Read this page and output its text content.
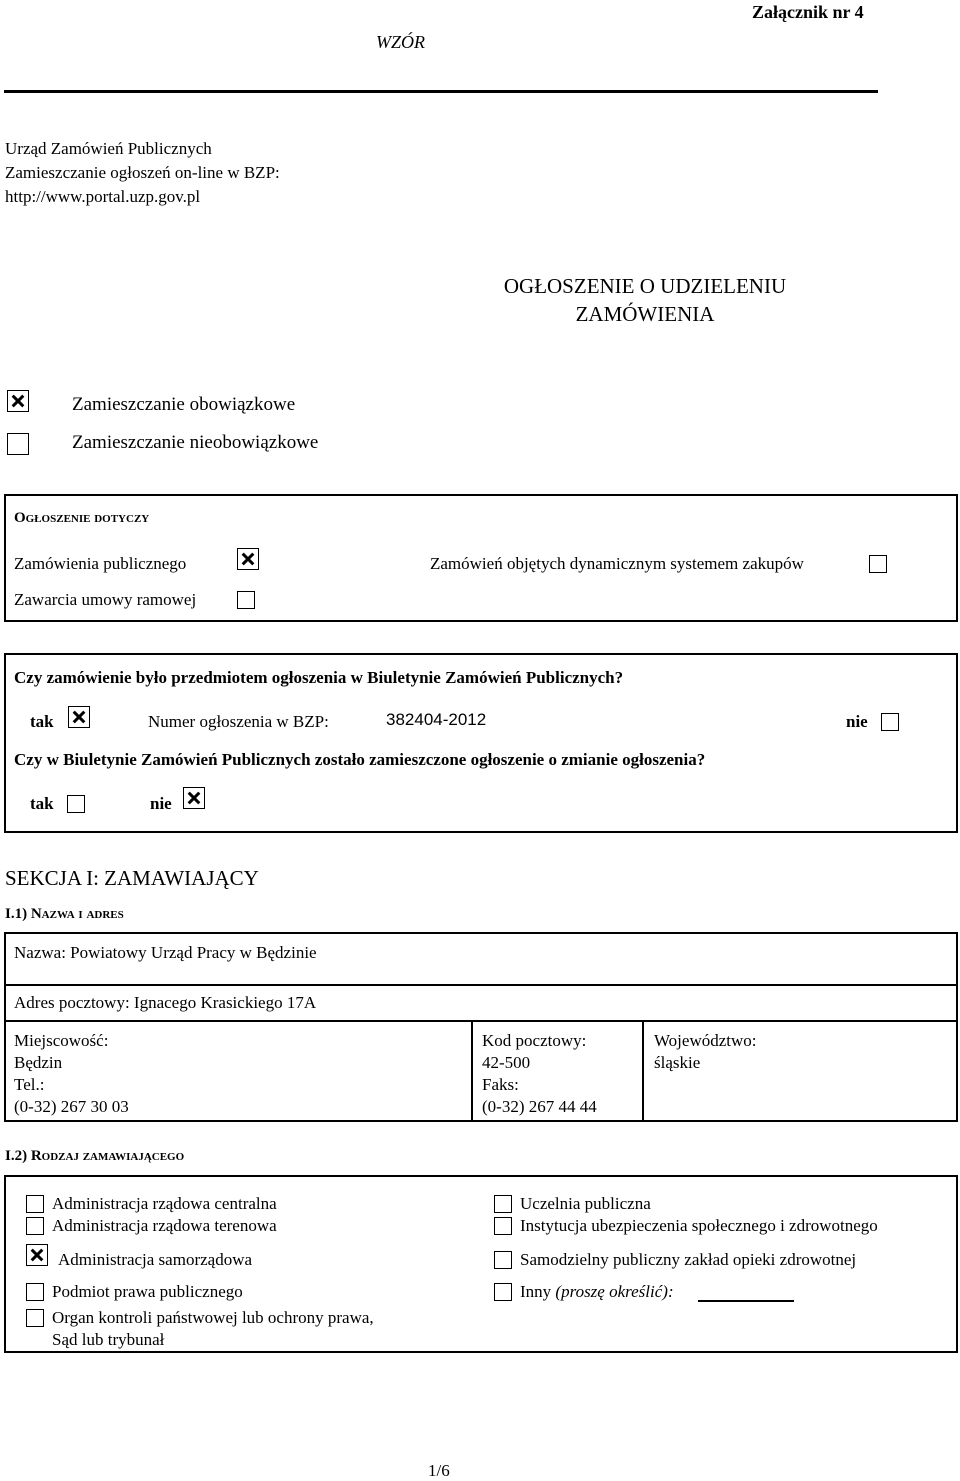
Załącznik nr 4
WZÓR
Urząd Zamówień Publicznych
Zamieszczanie ogłoszeń on-line w BZP:
http://www.portal.uzp.gov.pl
OGŁOSZENIE O UDZIELENIU
ZAMÓWIENIA
Zamieszczanie obowiązkowe
Zamieszczanie nieobowiązkowe
Ogłoszenie dotyczy
Zamówienia publicznego	Zamówień objętych dynamicznym systemem zakupów
Zawarcia umowy ramowej
Czy zamówienie było przedmiotem ogłoszenia w Biuletynie Zamówień Publicznych?
tak	Numer ogłoszenia w BZP:	382404-2012	nie
Czy w Biuletynie Zamówień Publicznych zostało zamieszczone ogłoszenie o zmianie ogłoszenia?
tak	nie
SEKCJA I: ZAMAWIAJĄCY
I.1) Nazwa i adres
Nazwa: Powiatowy Urząd Pracy w Będzinie
Adres pocztowy: Ignacego Krasickiego 17A
Miejscowość:
Będzin
Tel.:
(0-32) 267 30 03
Kod pocztowy:
42-500
Faks:
(0-32) 267 44 44
Województwo:
śląskie
I.2) Rodzaj zamawiającego
Administracja rządowa centralna
Administracja rządowa terenowa
Administracja samorządowa
Podmiot prawa publicznego
Organ kontroli państwowej lub ochrony prawa,
Sąd lub trybunał
Uczelnia publiczna
Instytucja ubezpieczenia społecznego i zdrowotnego
Samodzielny publiczny zakład opieki zdrowotnej
Inny (proszę określić):
1/6
